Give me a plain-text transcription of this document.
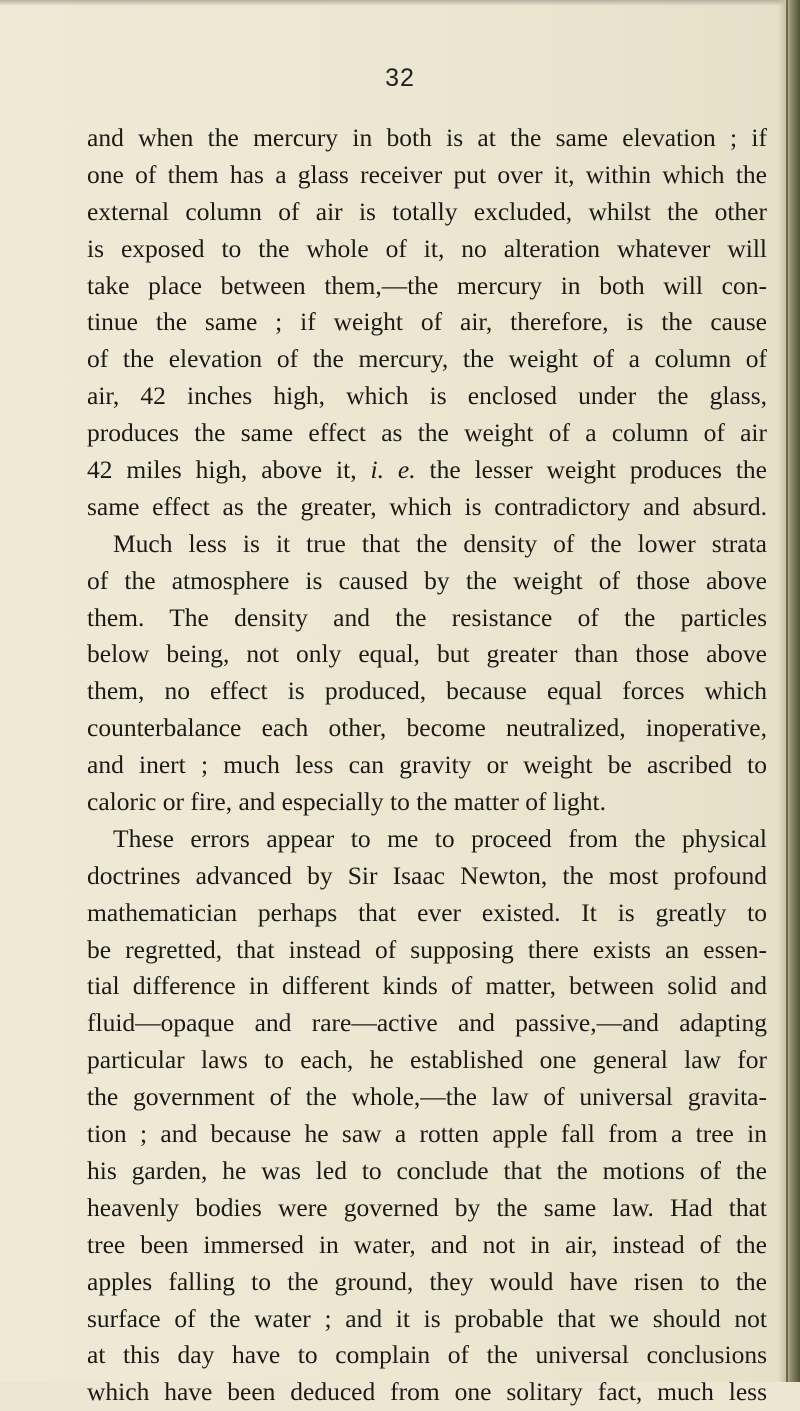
32
and when the mercury in both is at the same elevation ; if
one of them has a glass receiver put over it, within which the
external column of air is totally excluded, whilst the other
is exposed to the whole of it, no alteration whatever will
take place between them,—the mercury in both will con-
tinue the same ; if weight of air, therefore, is the cause
of the elevation of the mercury, the weight of a column of
air, 42 inches high, which is enclosed under the glass,
produces the same effect as the weight of a column of air
42 miles high, above it, i. e. the lesser weight produces the
same effect as the greater, which is contradictory and absurd.
Much less is it true that the density of the lower strata
of the atmosphere is caused by the weight of those above
them. The density and the resistance of the particles
below being, not only equal, but greater than those above
them, no effect is produced, because equal forces which
counterbalance each other, become neutralized, inoperative,
and inert ; much less can gravity or weight be ascribed to
caloric or fire, and especially to the matter of light.
These errors appear to me to proceed from the physical
doctrines advanced by Sir Isaac Newton, the most profound
mathematician perhaps that ever existed. It is greatly to
be regretted, that instead of supposing there exists an essen-
tial difference in different kinds of matter, between solid and
fluid—opaque and rare—active and passive,—and adapting
particular laws to each, he established one general law for
the government of the whole,—the law of universal gravita-
tion ; and because he saw a rotten apple fall from a tree in
his garden, he was led to conclude that the motions of the
heavenly bodies were governed by the same law. Had that
tree been immersed in water, and not in air, instead of the
apples falling to the ground, they would have risen to the
surface of the water ; and it is probable that we should not
at this day have to complain of the universal conclusions
which have been deduced from one solitary fact, much less
